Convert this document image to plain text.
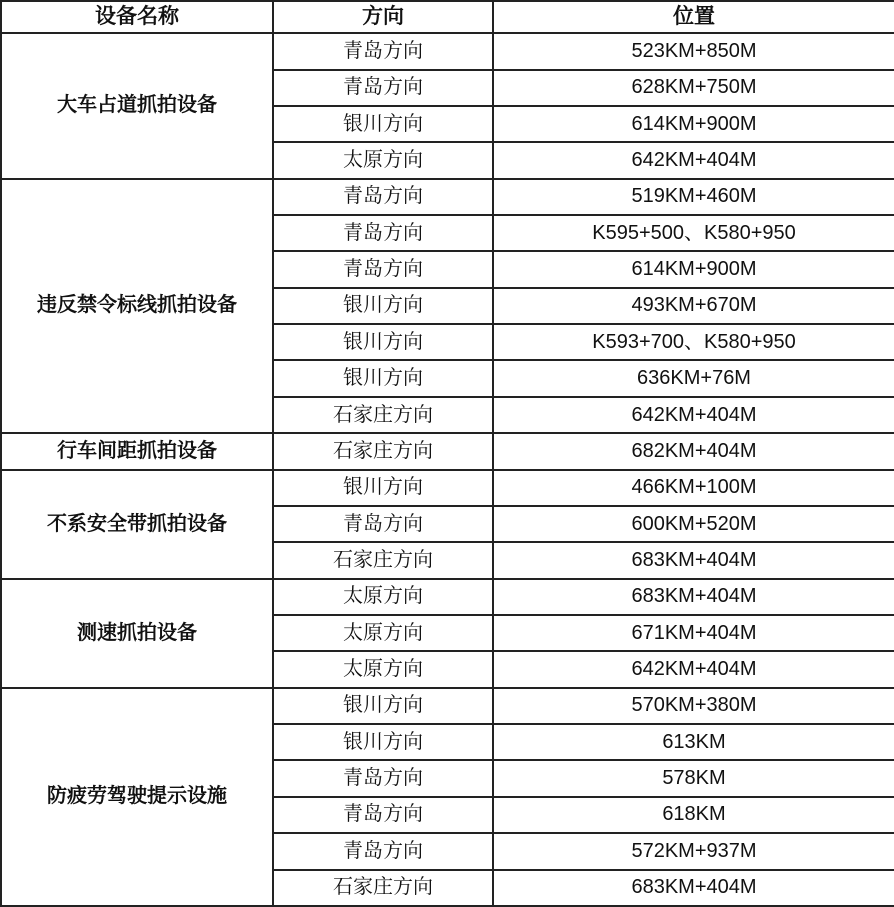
设备名称	方向	位置
大车占道抓拍设备	青岛方向	523KM+850M
	青岛方向	628KM+750M
	银川方向	614KM+900M
	太原方向	642KM+404M
违反禁令标线抓拍设备	青岛方向	519KM+460M
	青岛方向	K595+500、K580+950
	青岛方向	614KM+900M
	银川方向	493KM+670M
	银川方向	K593+700、K580+950
	银川方向	636KM+76M
	石家庄方向	642KM+404M
行车间距抓拍设备	石家庄方向	682KM+404M
不系安全带抓拍设备	银川方向	466KM+100M
	青岛方向	600KM+520M
	石家庄方向	683KM+404M
测速抓拍设备	太原方向	683KM+404M
	太原方向	671KM+404M
	太原方向	642KM+404M
防疲劳驾驶提示设施	银川方向	570KM+380M
	银川方向	613KM
	青岛方向	578KM
	青岛方向	618KM
	青岛方向	572KM+937M
	石家庄方向	683KM+404M
